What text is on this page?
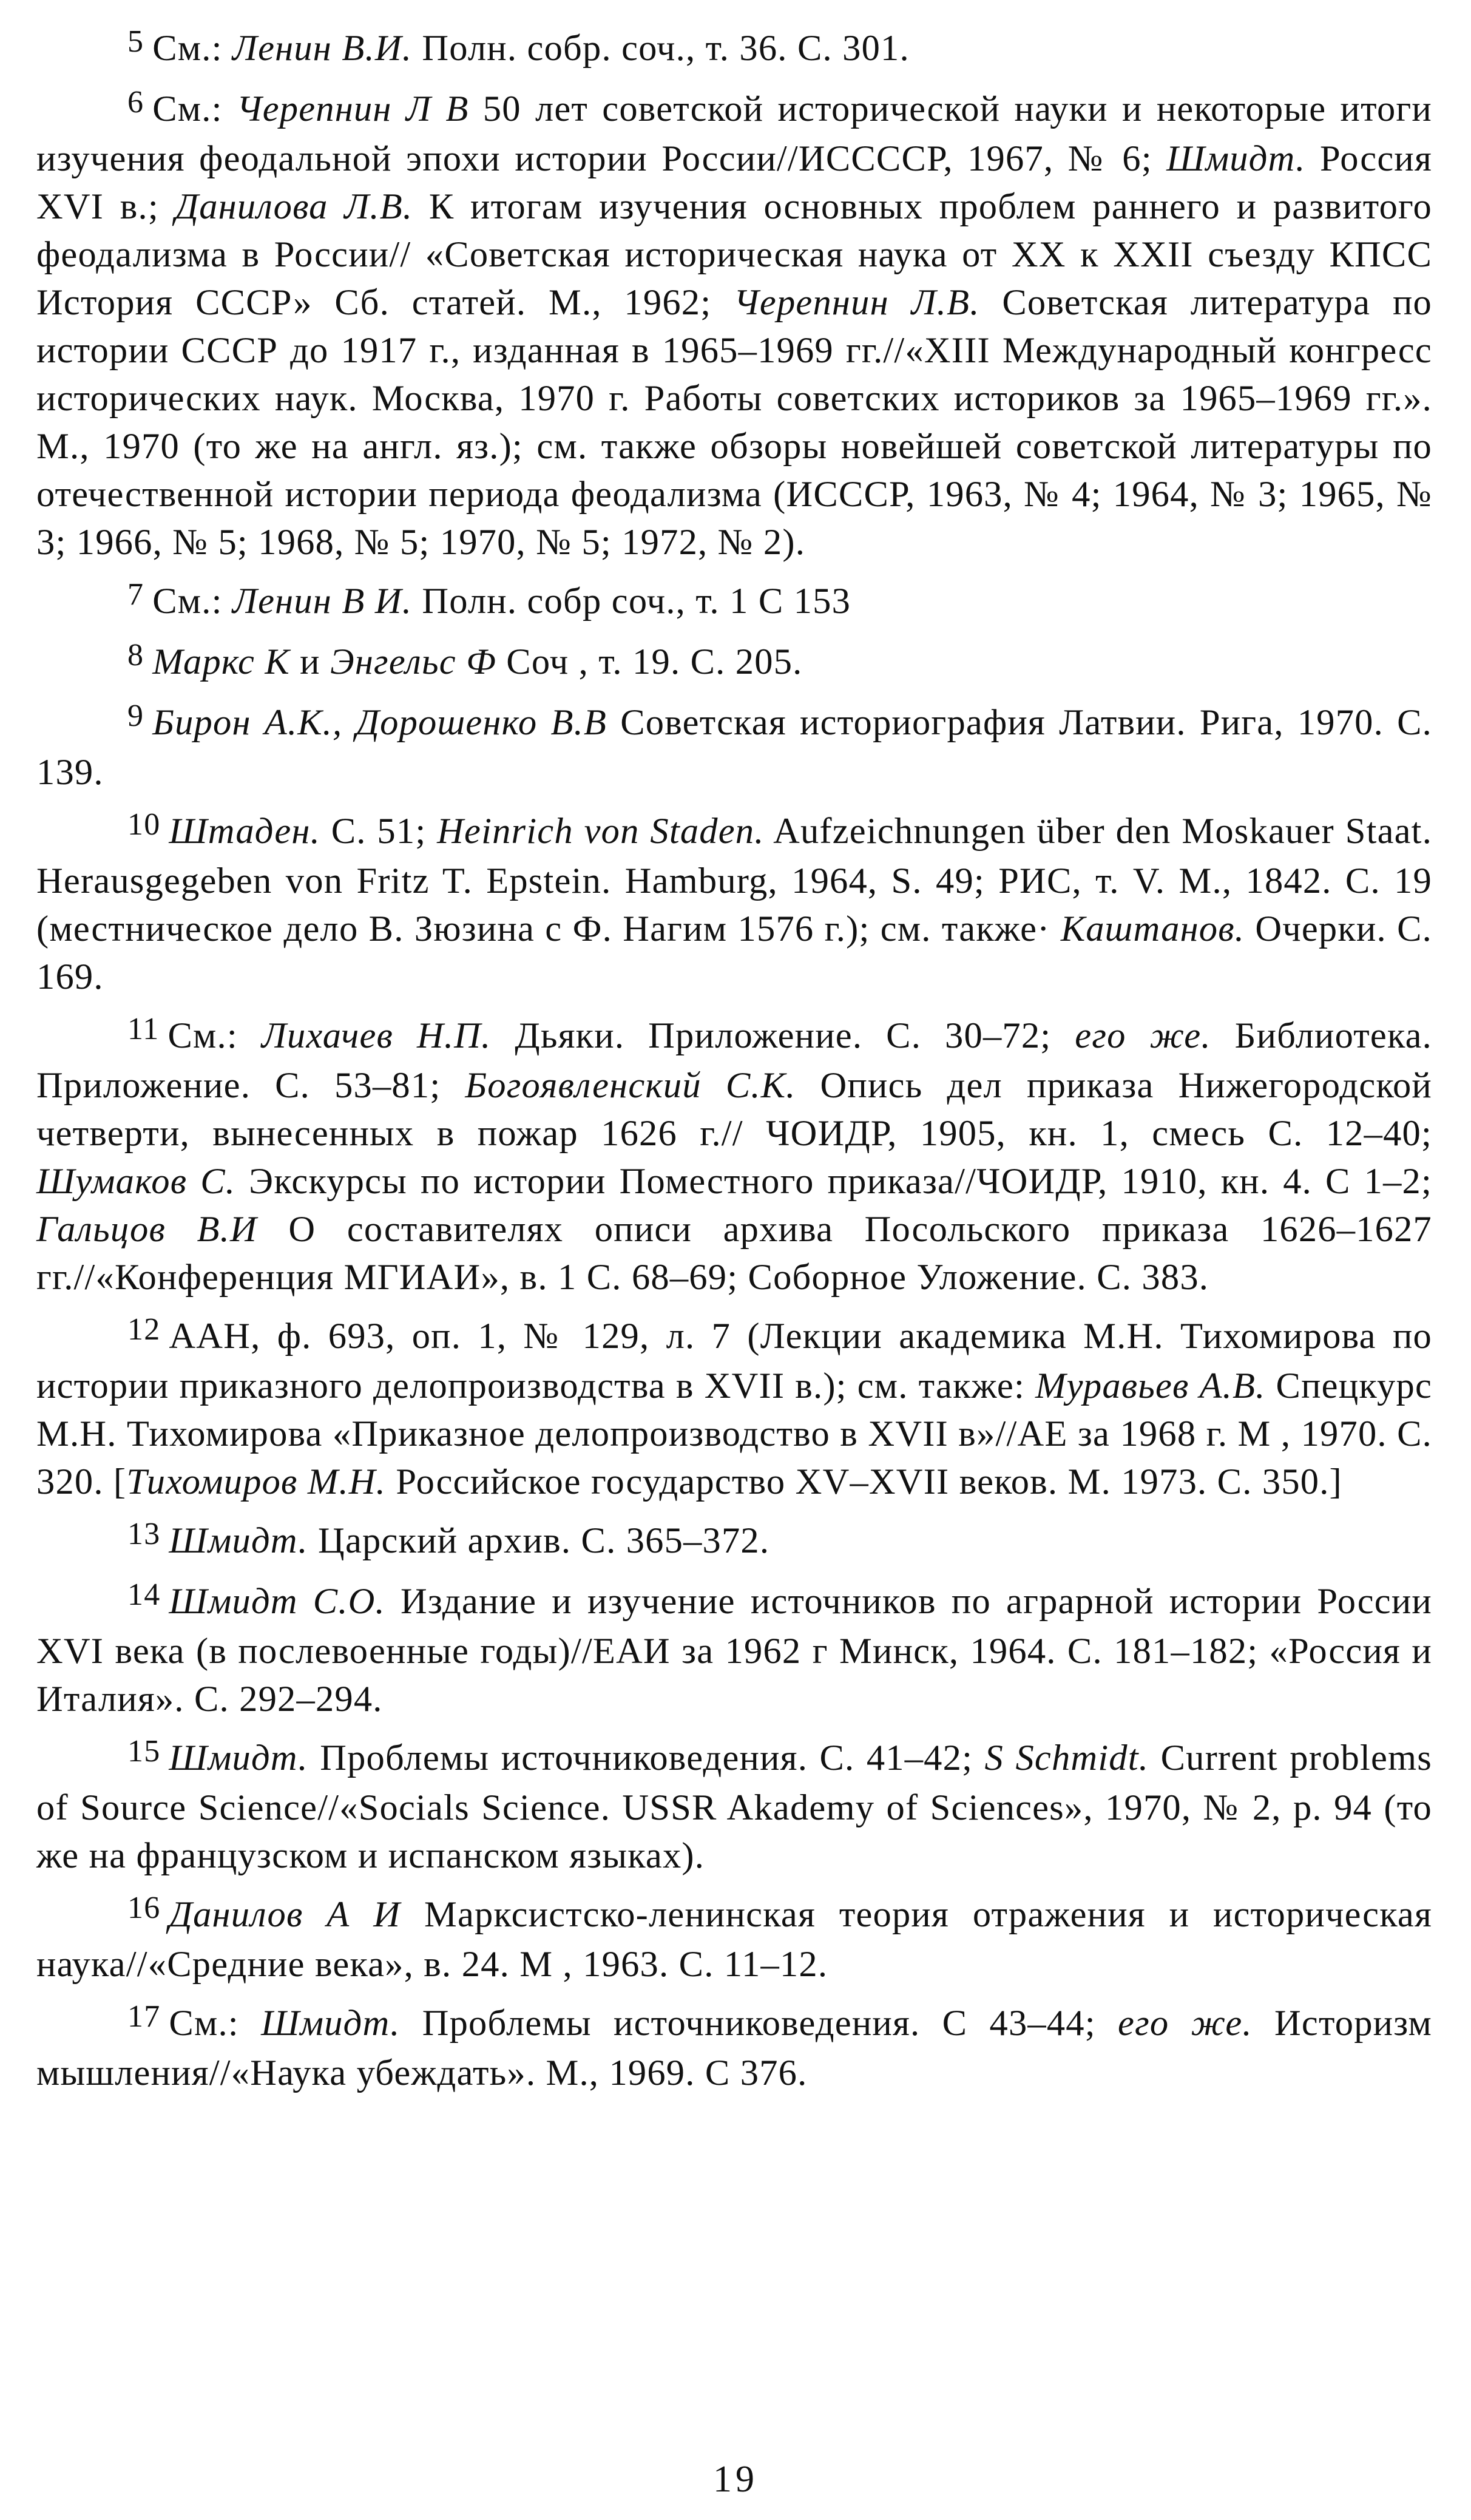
5 См.: Ленин В.И. Полн. собр. соч., т. 36. С. 301.

6 См.: Черепнин Л В 50 лет советской исторической науки и некоторые итоги изучения феодальной эпохи истории России//ИССССР, 1967, № 6; Шмидт. Россия XVI в.; Данилова Л.В. К итогам изучения основных проблем раннего и развитого феодализма в России// «Советская историческая наука от XX к XXII съезду КПСС История СССР» Сб. статей. М., 1962; Черепнин Л.В. Советская литература по истории СССР до 1917 г., изданная в 1965–1969 гг.//«XIII Международный конгресс исторических наук. Москва, 1970 г. Работы советских историков за 1965–1969 гг.». М., 1970 (то же на англ. яз.); см. также обзоры новейшей советской литературы по отечественной истории периода феодализма (ИСССР, 1963, № 4; 1964, № 3; 1965, № 3; 1966, № 5; 1968, № 5; 1970, № 5; 1972, № 2).

7 См.: Ленин В И. Полн. собр соч., т. 1 С 153

8 Маркс К и Энгельс Ф Соч , т. 19. С. 205.

9 Бирон А.К., Дорошенко В.В Советская историография Латвии. Рига, 1970. С. 139.

10 Штаден. С. 51; Heinrich von Staden. Aufzeichnungen über den Moskauer Staat. Herausgegeben von Fritz T. Epstein. Hamburg, 1964, S. 49; РИС, т. V. М., 1842. С. 19 (местническое дело В. Зюзина с Ф. Нагим 1576 г.); см. также· Каштанов. Очерки. С. 169.

11 См.: Лихачев Н.П. Дьяки. Приложение. С. 30–72; его же. Библиотека. Приложение. С. 53–81; Богоявленский С.К. Опись дел приказа Нижегородской четверти, вынесенных в пожар 1626 г.// ЧОИДР, 1905, кн. 1, смесь С. 12–40; Шумаков С. Экскурсы по истории Поместного приказа//ЧОИДР, 1910, кн. 4. С 1–2; Гальцов В.И О составителях описи архива Посольского приказа 1626–1627 гг.//«Конференция МГИАИ», в. 1 С. 68–69; Соборное Уложение. С. 383.

12 ААН, ф. 693, оп. 1, № 129, л. 7 (Лекции академика М.Н. Тихомирова по истории приказного делопроизводства в XVII в.); см. также: Муравьев А.В. Спецкурс М.Н. Тихомирова «Приказное делопроизводство в XVII в»//АЕ за 1968 г. М , 1970. С. 320. [Тихомиров М.Н. Российское государство XV–XVII веков. М. 1973. С. 350.]

13 Шмидт. Царский архив. С. 365–372.

14 Шмидт С.О. Издание и изучение источников по аграрной истории России XVI века (в послевоенные годы)//ЕАИ за 1962 г Минск, 1964. С. 181–182; «Россия и Италия». С. 292–294.

15 Шмидт. Проблемы источниковедения. С. 41–42; S Schmidt. Current problems of Source Science//«Socials Science. USSR Akademy of Sciences», 1970, № 2, p. 94 (то же на французском и испанском языках).

16 Данилов А И Марксистско-ленинская теория отражения и историческая наука//«Средние века», в. 24. М , 1963. С. 11–12.

17 См.: Шмидт. Проблемы источниковедения. С 43–44; его же. Историзм мышления//«Наука убеждать». М., 1969. С 376.

19
